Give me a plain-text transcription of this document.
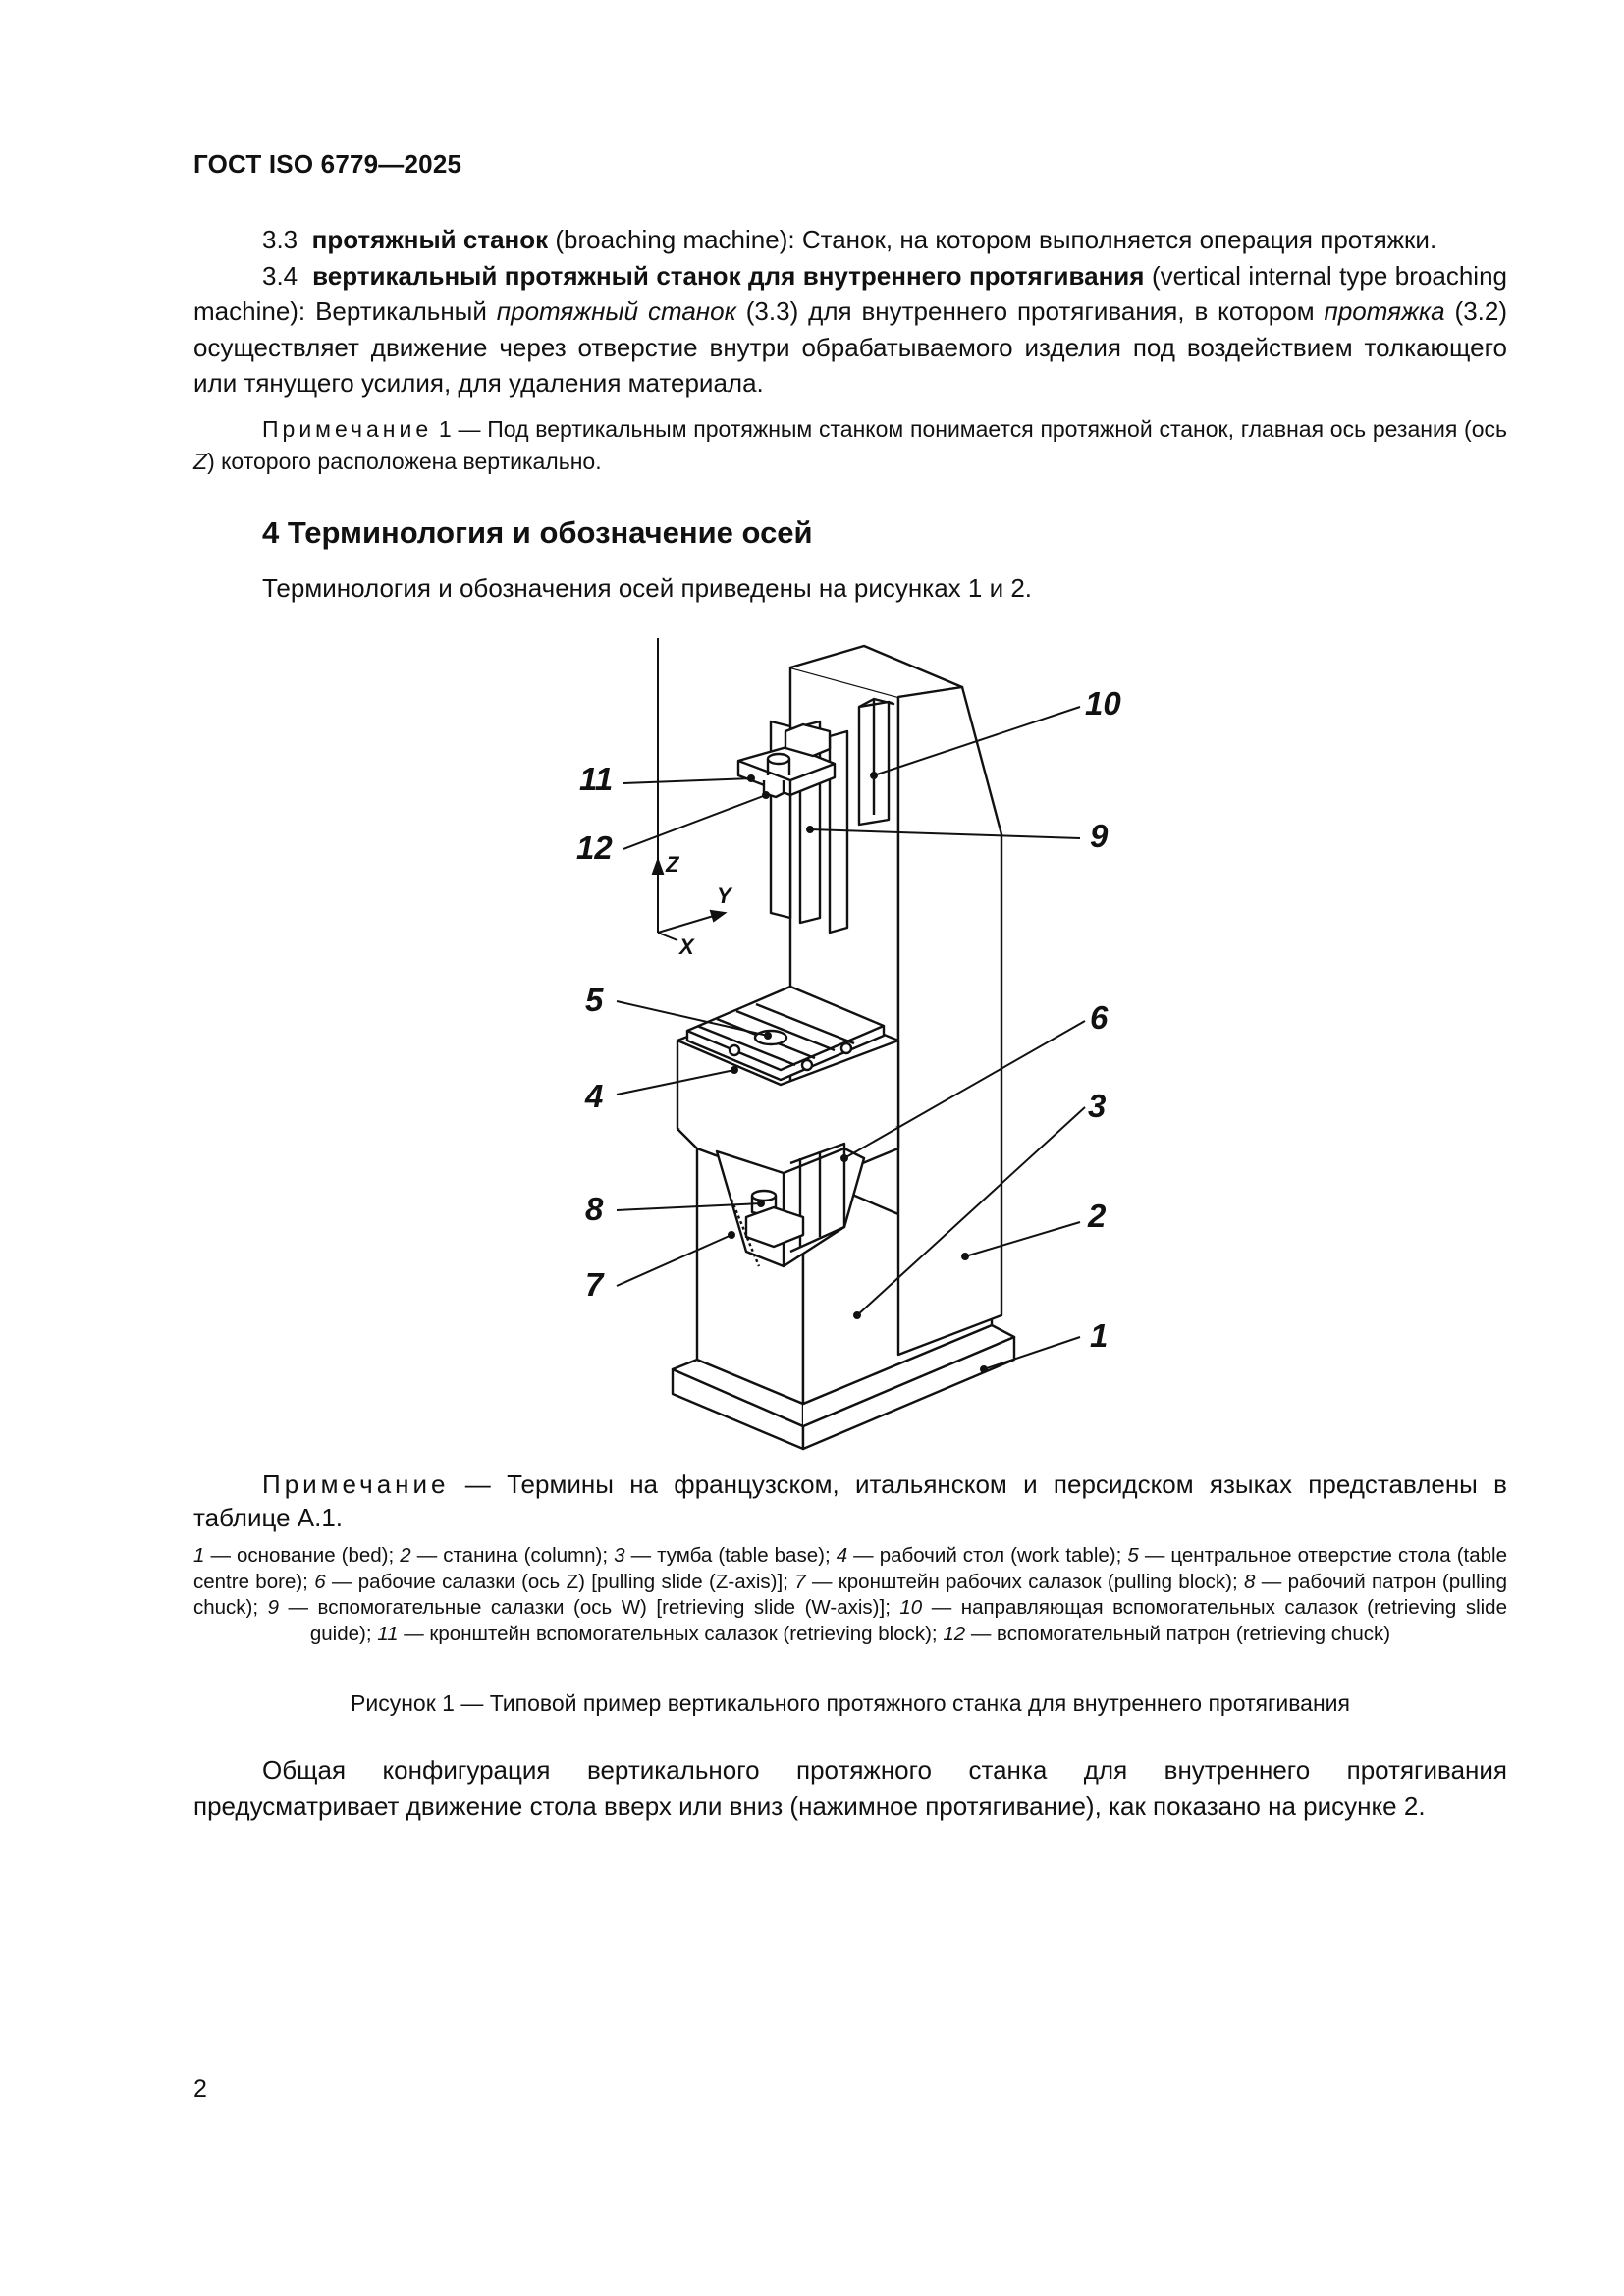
ГОСТ ISO 6779—2025

3.3 протяжный станок (broaching machine): Станок, на котором выполняется операция протяжки.

3.4 вертикальный протяжный станок для внутреннего протягивания (vertical internal type broaching machine): Вертикальный протяжный станок (3.3) для внутреннего протягивания, в котором протяжка (3.2) осуществляет движение через отверстие внутри обрабатываемого изделия под воздействием толкающего или тянущего усилия, для удаления материала.

Примечание 1 — Под вертикальным протяжным станком понимается протяжной станок, главная ось резания (ось Z) которого расположена вертикально.

4 Терминология и обозначение осей
Терминология и обозначения осей приведены на рисунках 1 и 2.
Z
Y
X
11
12
10
9
5
4
6
3
2
1
8
7
Примечание — Термины на французском, итальянском и персидском языках представлены в таблице А.1.
1 — основание (bed); 2 — станина (column); 3 — тумба (table base); 4 — рабочий стол (work table); 5 — центральное отверстие стола (table centre bore); 6 — рабочие салазки (ось Z) [pulling slide (Z-axis)]; 7 — кронштейн рабочих салазок (pulling block); 8 — рабочий патрон (pulling chuck); 9 — вспомогательные салазки (ось W) [retrieving slide (W-axis)]; 10 — направляющая вспомогательных салазок (retrieving slide guide); 11 — кронштейн вспомогательных салазок (retrieving block); 12 — вспомогательный патрон (retrieving chuck)
Рисунок 1 — Типовой пример вертикального протяжного станка для внутреннего протягивания
Общая конфигурация вертикального протяжного станка для внутреннего протягивания предусматривает движение стола вверх или вниз (нажимное протягивание), как показано на рисунке 2.
2
